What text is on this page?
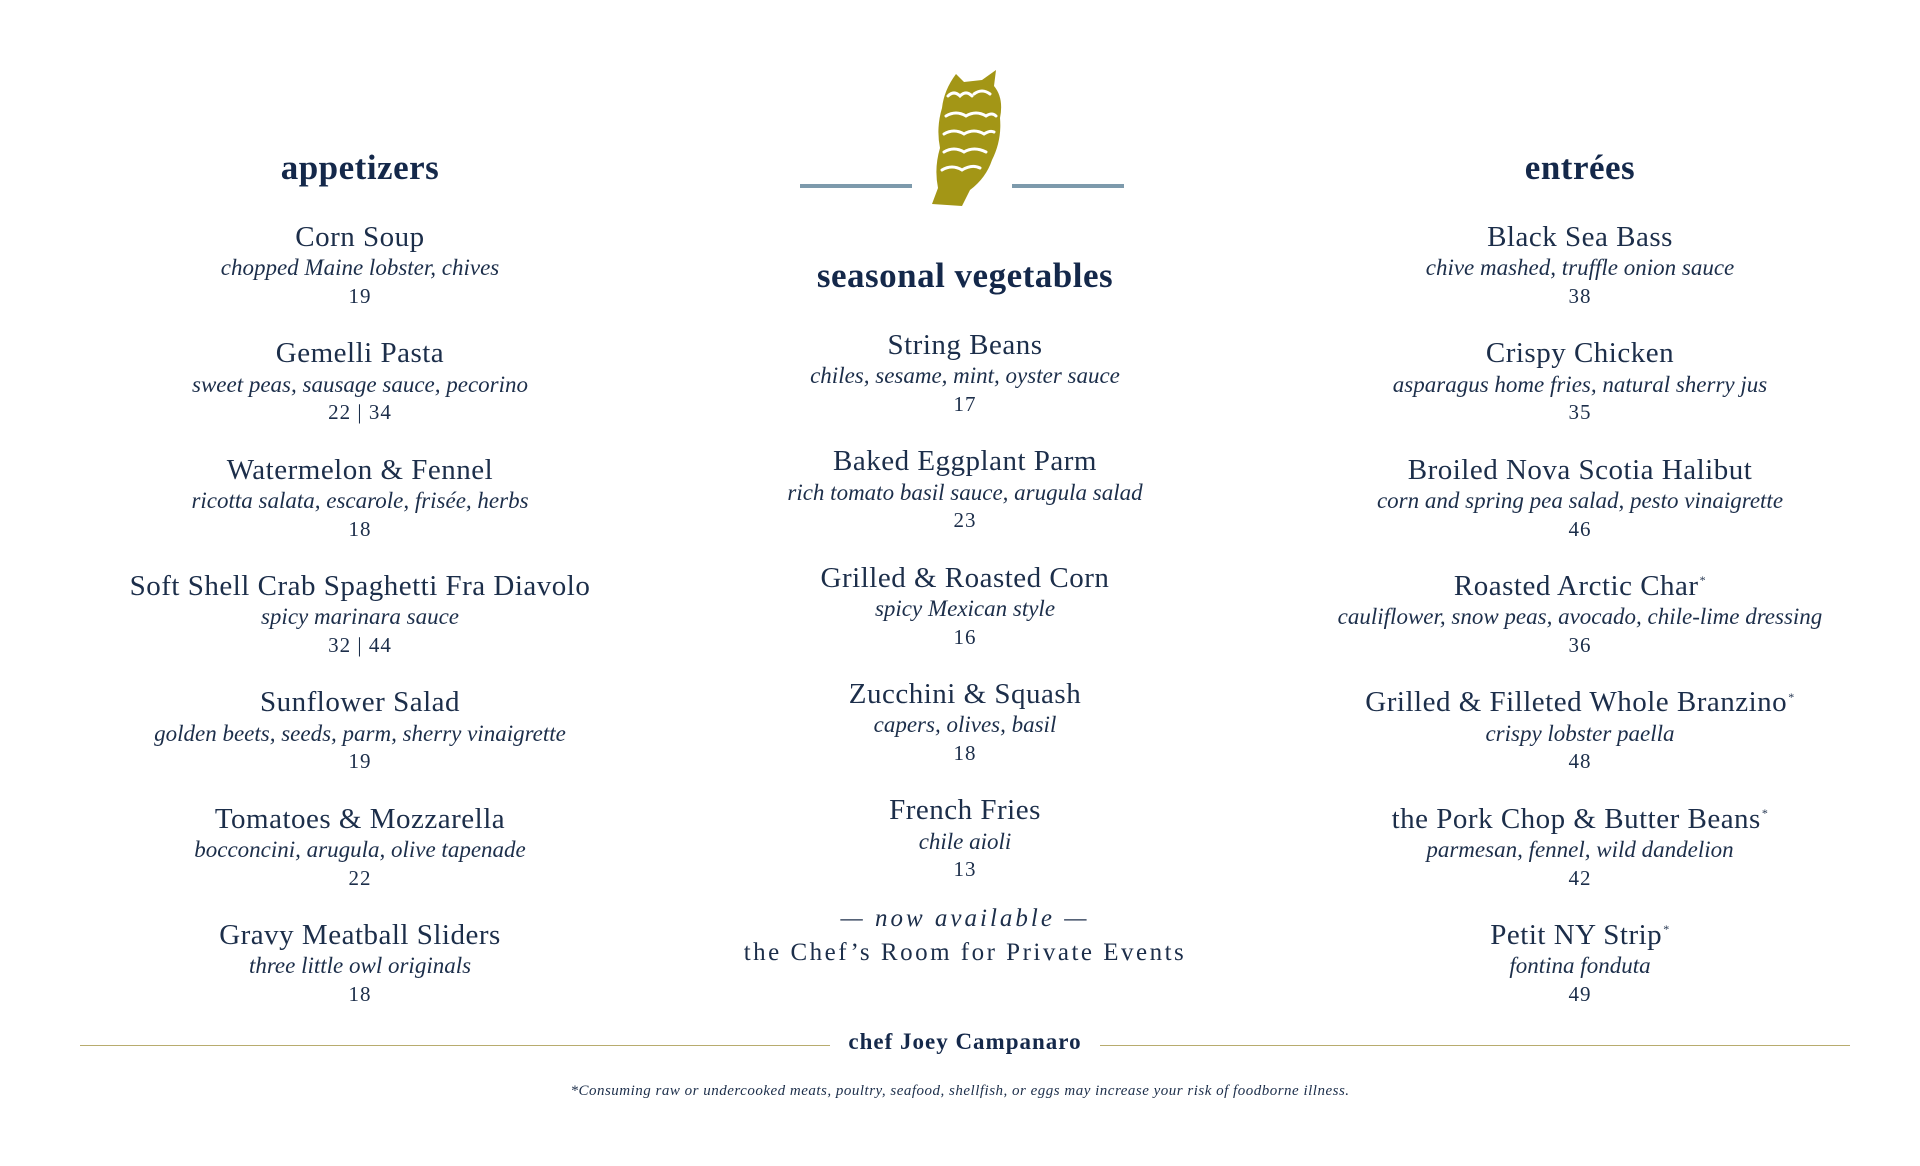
appetizers
Corn Soup
chopped Maine lobster, chives
19
Gemelli Pasta
sweet peas, sausage sauce, pecorino
22 | 34
Watermelon & Fennel
ricotta salata, escarole, frisée, herbs
18
Soft Shell Crab Spaghetti Fra Diavolo
spicy marinara sauce
32 | 44
Sunflower Salad
golden beets, seeds, parm, sherry vinaigrette
19
Tomatoes & Mozzarella
bocconcini, arugula, olive tapenade
22
Gravy Meatball Sliders
three little owl originals
18
seasonal vegetables
String Beans
chiles, sesame, mint, oyster sauce
17
Baked Eggplant Parm
rich tomato basil sauce, arugula salad
23
Grilled & Roasted Corn
spicy Mexican style
16
Zucchini & Squash
capers, olives, basil
18
French Fries
chile aioli
13
— now available —
the Chef’s Room for Private Events
entrées
Black Sea Bass
chive mashed, truffle onion sauce
38
Crispy Chicken
asparagus home fries, natural sherry jus
35
Broiled Nova Scotia Halibut
corn and spring pea salad, pesto vinaigrette
46
Roasted Arctic Char*
cauliflower, snow peas, avocado, chile-lime dressing
36
Grilled & Filleted Whole Branzino*
crispy lobster paella
48
the Pork Chop & Butter Beans*
parmesan, fennel, wild dandelion
42
Petit NY Strip*
fontina fonduta
49
chef Joey Campanaro
*Consuming raw or undercooked meats, poultry, seafood, shellfish, or eggs may increase your risk of foodborne illness.
